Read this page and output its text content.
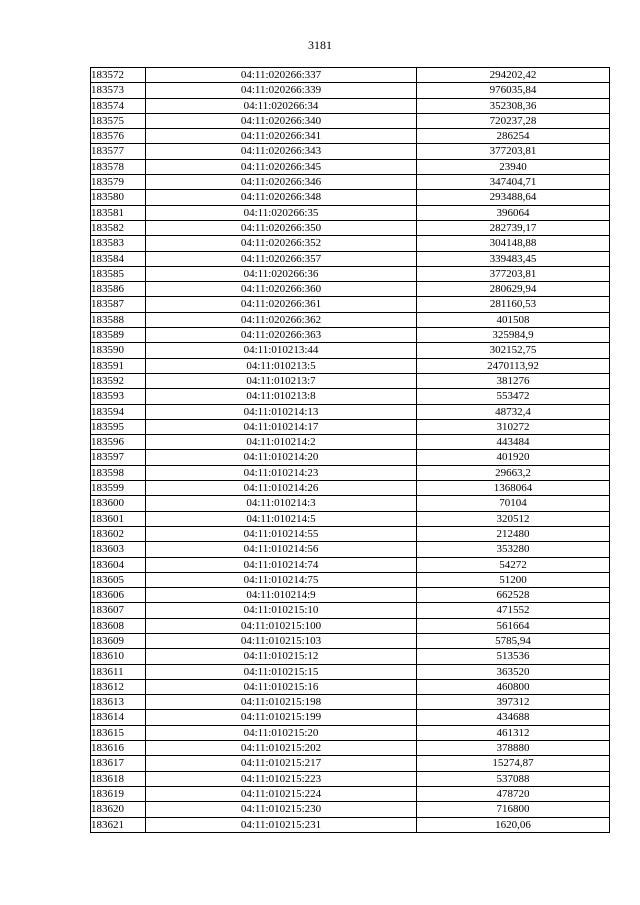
3181
183572	04:11:020266:337	294202,42
183573	04:11:020266:339	976035,84
183574	04:11:020266:34	352308,36
183575	04:11:020266:340	720237,28
183576	04:11:020266:341	286254
183577	04:11:020266:343	377203,81
183578	04:11:020266:345	23940
183579	04:11:020266:346	347404,71
183580	04:11:020266:348	293488,64
183581	04:11:020266:35	396064
183582	04:11:020266:350	282739,17
183583	04:11:020266:352	304148,88
183584	04:11:020266:357	339483,45
183585	04:11:020266:36	377203,81
183586	04:11:020266:360	280629,94
183587	04:11:020266:361	281160,53
183588	04:11:020266:362	401508
183589	04:11:020266:363	325984,9
183590	04:11:010213:44	302152,75
183591	04:11:010213:5	2470113,92
183592	04:11:010213:7	381276
183593	04:11:010213:8	553472
183594	04:11:010214:13	48732,4
183595	04:11:010214:17	310272
183596	04:11:010214:2	443484
183597	04:11:010214:20	401920
183598	04:11:010214:23	29663,2
183599	04:11:010214:26	1368064
183600	04:11:010214:3	70104
183601	04:11:010214:5	320512
183602	04:11:010214:55	212480
183603	04:11:010214:56	353280
183604	04:11:010214:74	54272
183605	04:11:010214:75	51200
183606	04:11:010214:9	662528
183607	04:11:010215:10	471552
183608	04:11:010215:100	561664
183609	04:11:010215:103	5785,94
183610	04:11:010215:12	513536
183611	04:11:010215:15	363520
183612	04:11:010215:16	460800
183613	04:11:010215:198	397312
183614	04:11:010215:199	434688
183615	04:11:010215:20	461312
183616	04:11:010215:202	378880
183617	04:11:010215:217	15274,87
183618	04:11:010215:223	537088
183619	04:11:010215:224	478720
183620	04:11:010215:230	716800
183621	04:11:010215:231	1620,06
